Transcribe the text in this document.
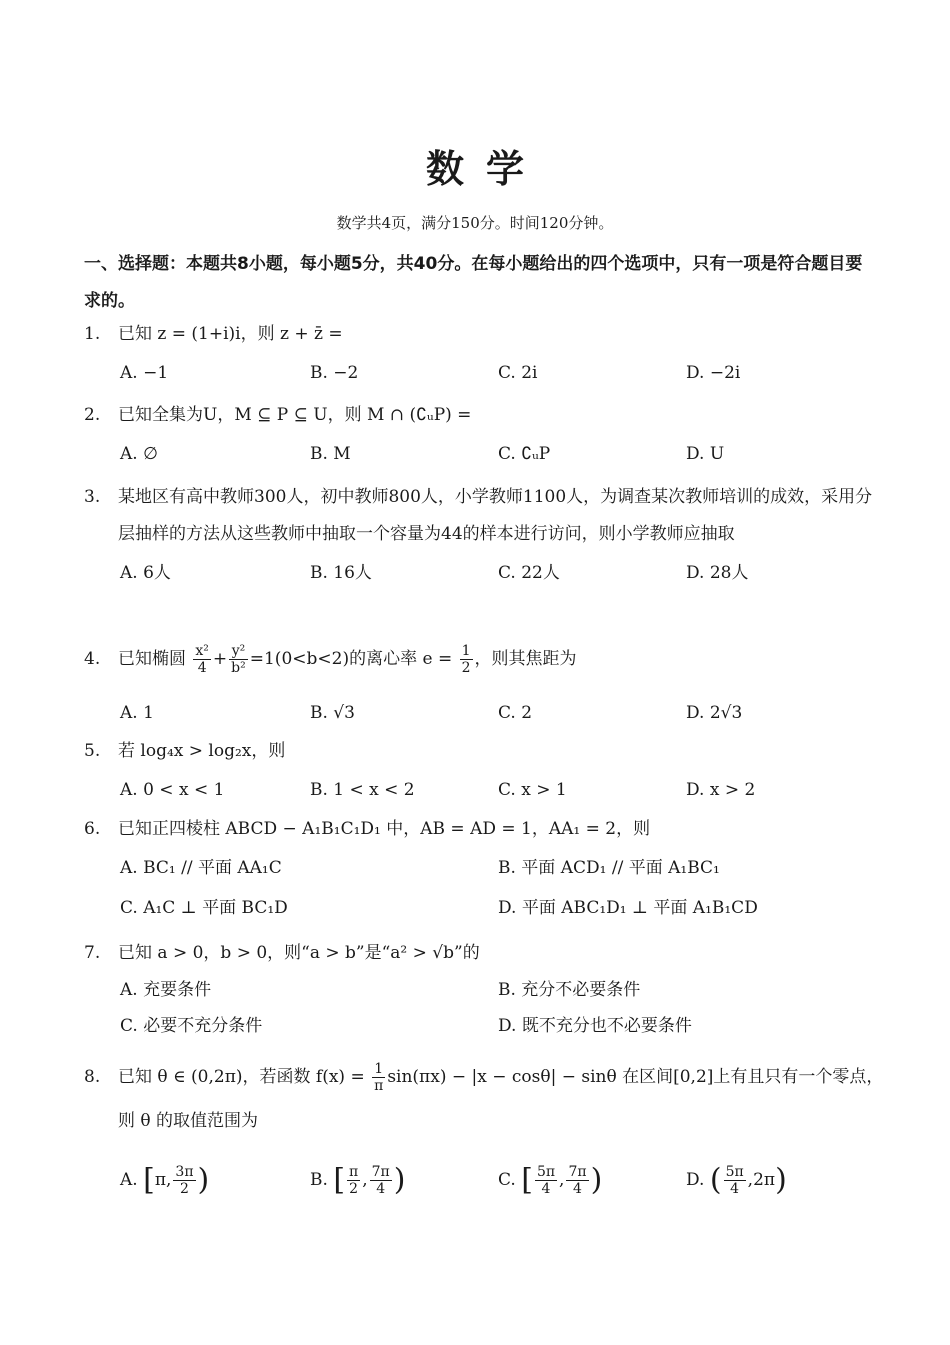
数学
数学共4页，满分150分。时间120分钟。
一、选择题：本题共8小题，每小题5分，共40分。在每小题给出的四个选项中，只有一项是符合题目要求的。
1. 已知 z = (1+i)i，则 z + z̄ =
A. −1	B. −2	C. 2i	D. −2i
2. 已知全集为U，M ⊆ P ⊆ U，则 M ∩ (∁ᵤP) =
A. ∅	B. M	C. ∁ᵤP	D. U
3. 某地区有高中教师300人，初中教师800人，小学教师1100人，为调查某次教师培训的成效，采用分层抽样的方法从这些教师中抽取一个容量为44的样本进行访问，则小学教师应抽取
A. 6人	B. 16人	C. 22人	D. 28人
4. 已知椭圆 $\frac{\text{x²}}{4} + \frac{\text{y²}}{\text{b²}} =1(0<b<2)$的离心率 $e = \frac{1}{2}$ ，则其焦距为
A. 1	B. √3	C. 2	D. 2√3
5. 若 log₄x > log₂x，则
A. 0 < x < 1	B. 1 < x < 2	C. x > 1	D. x > 2
6. 已知正四棱柱 ABCD − A₁B₁C₁D₁ 中，AB = AD = 1，AA₁ = 2，则
A. BC₁ // 平面 AA₁C	B. 平面 ACD₁ // 平面 A₁BC₁
C. A₁C ⊥ 平面 BC₁D	D. 平面 ABC₁D₁ ⊥ 平面 A₁B₁CD
7. 已知 a > 0，b > 0，则“a > b”是“a² > √b”的
A. 充要条件	B. 充分不必要条件
C. 必要不充分条件	D. 既不充分也不必要条件
8. 已知 θ ∈ (0,2π)，若函数 $f(x) = \frac{1}{\pi} \sin(\pi x) - |x - \cos\theta| - \sin\theta$ 在区间[0,2]上有且只有一个零点，
则 θ 的取值范围为
A. [π, $\frac{3\pi}{2}$ )	B. [ $\frac{\pi}{2}$ , $\frac{7\pi}{4}$ )	C. [ $\frac{5\pi}{4}$ , $\frac{7\pi}{4}$ )	D. ( $\frac{5\pi}{4} ,2\pi$)
